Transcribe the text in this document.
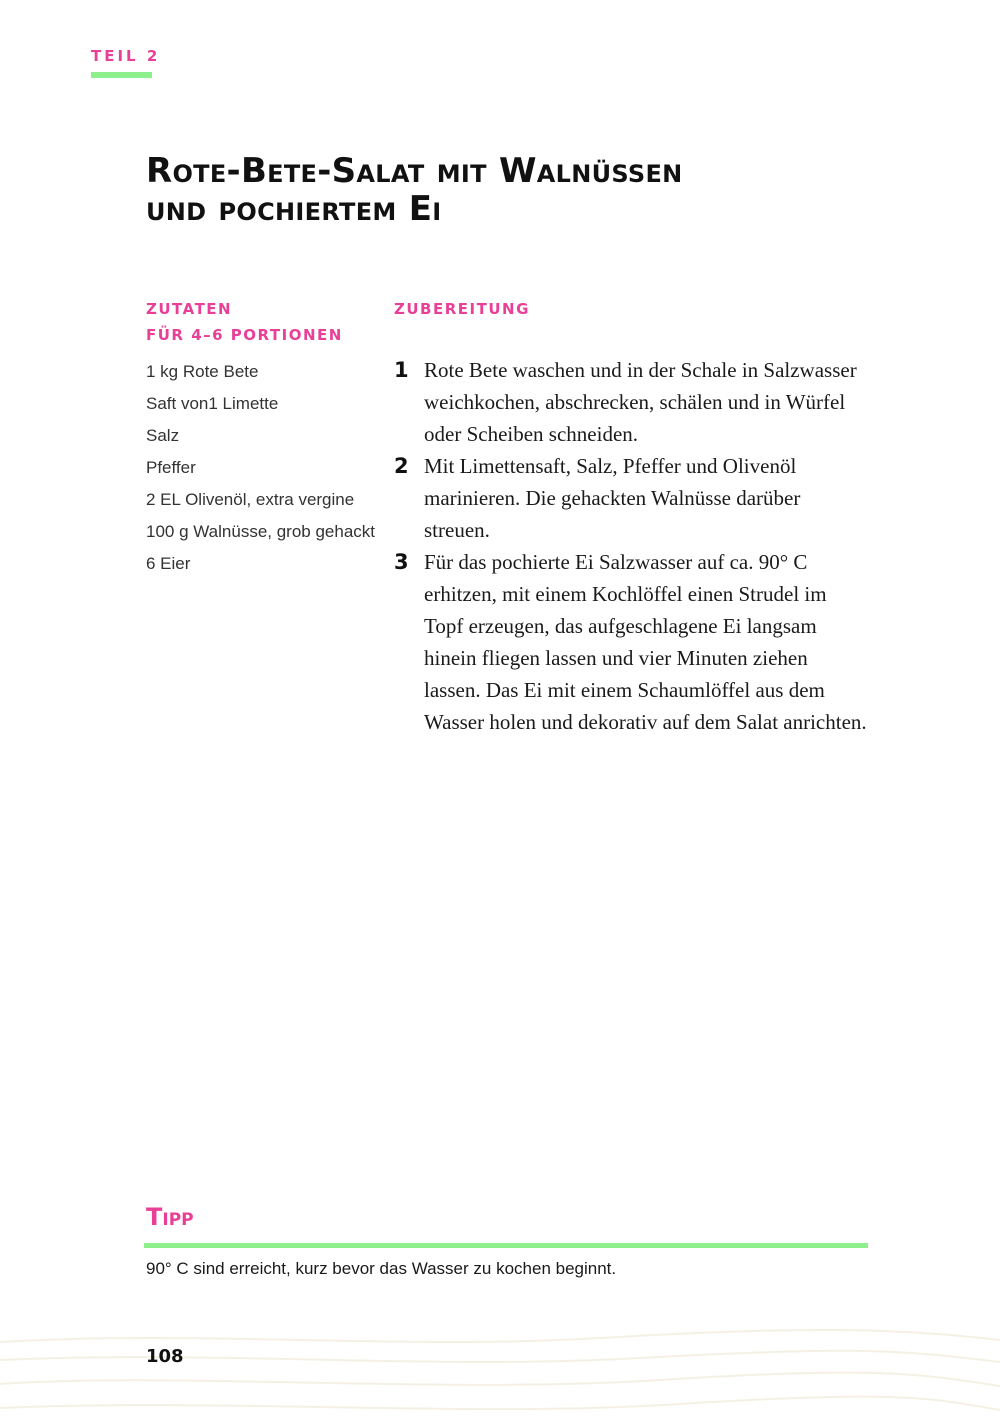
TEIL 2
Rote-Bete-Salat mit Walnüssen
und pochiertem Ei
ZUTATEN
FÜR 4–6 PORTIONEN
ZUBEREITUNG
1 kg Rote Bete
Saft von1 Limette
Salz
Pfeffer
2 EL Olivenöl, extra vergine
100 g Walnüsse, grob gehackt
6 Eier
1 Rote Bete waschen und in der Schale in Salzwasser weichkochen, abschrecken, schälen und in Würfel oder Scheiben schneiden.
2 Mit Limettensaft, Salz, Pfeffer und Olivenöl marinieren. Die gehackten Walnüsse darüber streuen.
3 Für das pochierte Ei Salzwasser auf ca. 90° C erhitzen, mit einem Kochlöffel einen Strudel im Topf erzeugen, das aufgeschlagene Ei langsam hinein fliegen lassen und vier Minuten ziehen lassen. Das Ei mit einem Schaumlöffel aus dem Wasser holen und dekorativ auf dem Salat anrichten.
Tipp
90° C sind erreicht, kurz bevor das Wasser zu kochen beginnt.
108
